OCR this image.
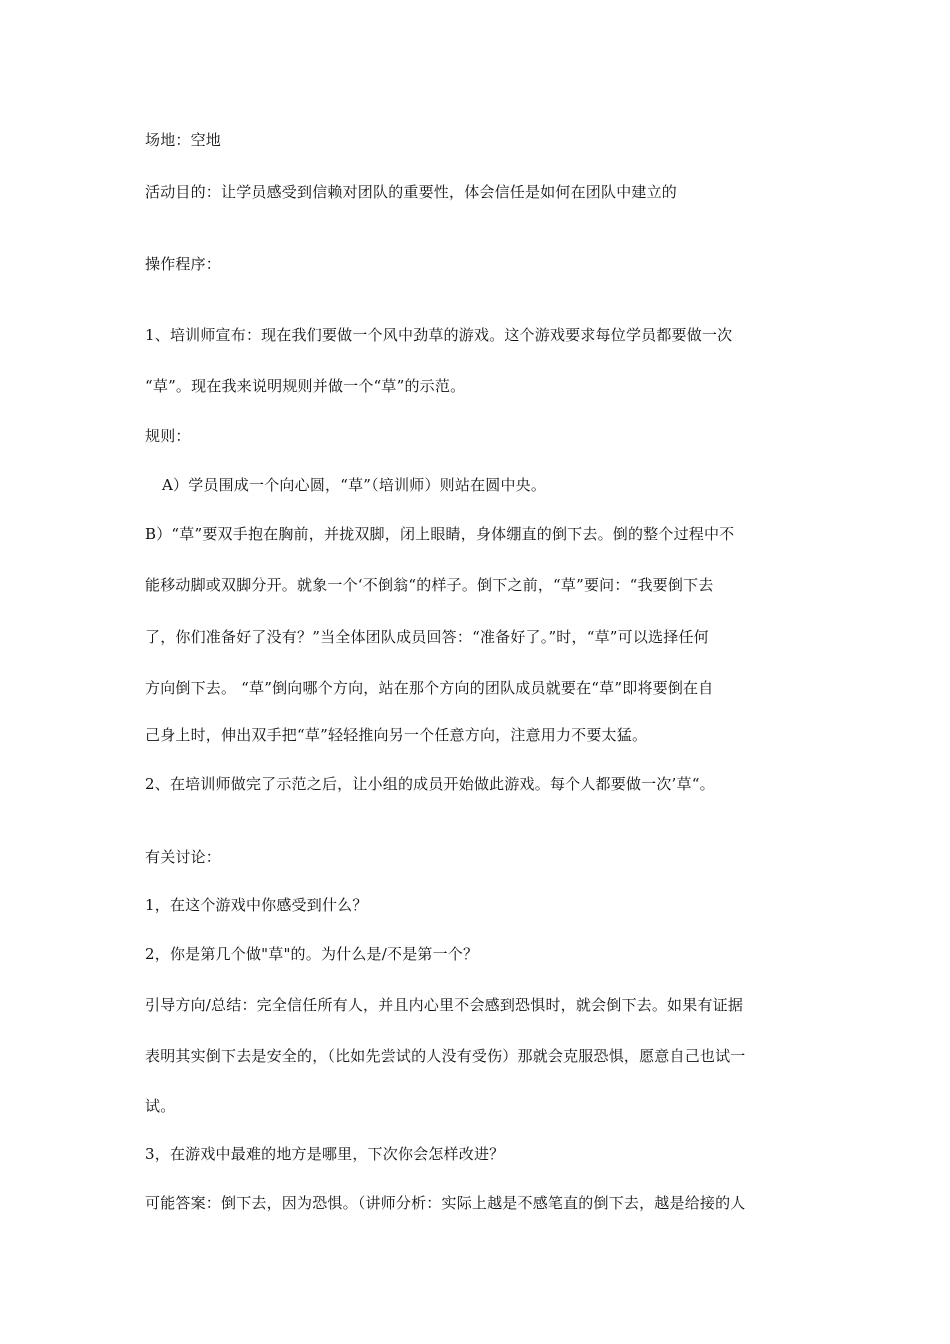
场地：空地
活动目的：让学员感受到信赖对团队的重要性，体会信任是如何在团队中建立的
操作程序：
1、培训师宣布：现在我们要做一个风中劲草的游戏。这个游戏要求每位学员都要做一次
“草”。现在我来说明规则并做一个“草”的示范。
规则：
A）学员围成一个向心圆，“草”（培训师）则站在圆中央。
B）“草”要双手抱在胸前，并拢双脚，闭上眼睛，身体绷直的倒下去。倒的整个过程中不
能移动脚或双脚分开。就象一个‘不倒翁“的样子。倒下之前，“草”要问：“我要倒下去
了，你们准备好了没有？”当全体团队成员回答：“准备好了。”时，“草”可以选择任何
方向倒下去。 “草”倒向哪个方向，站在那个方向的团队成员就要在“草”即将要倒在自
己身上时，伸出双手把“草”轻轻推向另一个任意方向，注意用力不要太猛。
2、在培训师做完了示范之后，让小组的成员开始做此游戏。每个人都要做一次’草“。
有关讨论：
1，在这个游戏中你感受到什么？
2，你是第几个做"草"的。为什么是/不是第一个？
引导方向/总结：完全信任所有人，并且内心里不会感到恐惧时，就会倒下去。如果有证据
表明其实倒下去是安全的，（比如先尝试的人没有受伤）那就会克服恐惧，愿意自己也试一
试。
3，在游戏中最难的地方是哪里，下次你会怎样改进？
可能答案：倒下去，因为恐惧。（讲师分析：实际上越是不感笔直的倒下去，越是给接的人
